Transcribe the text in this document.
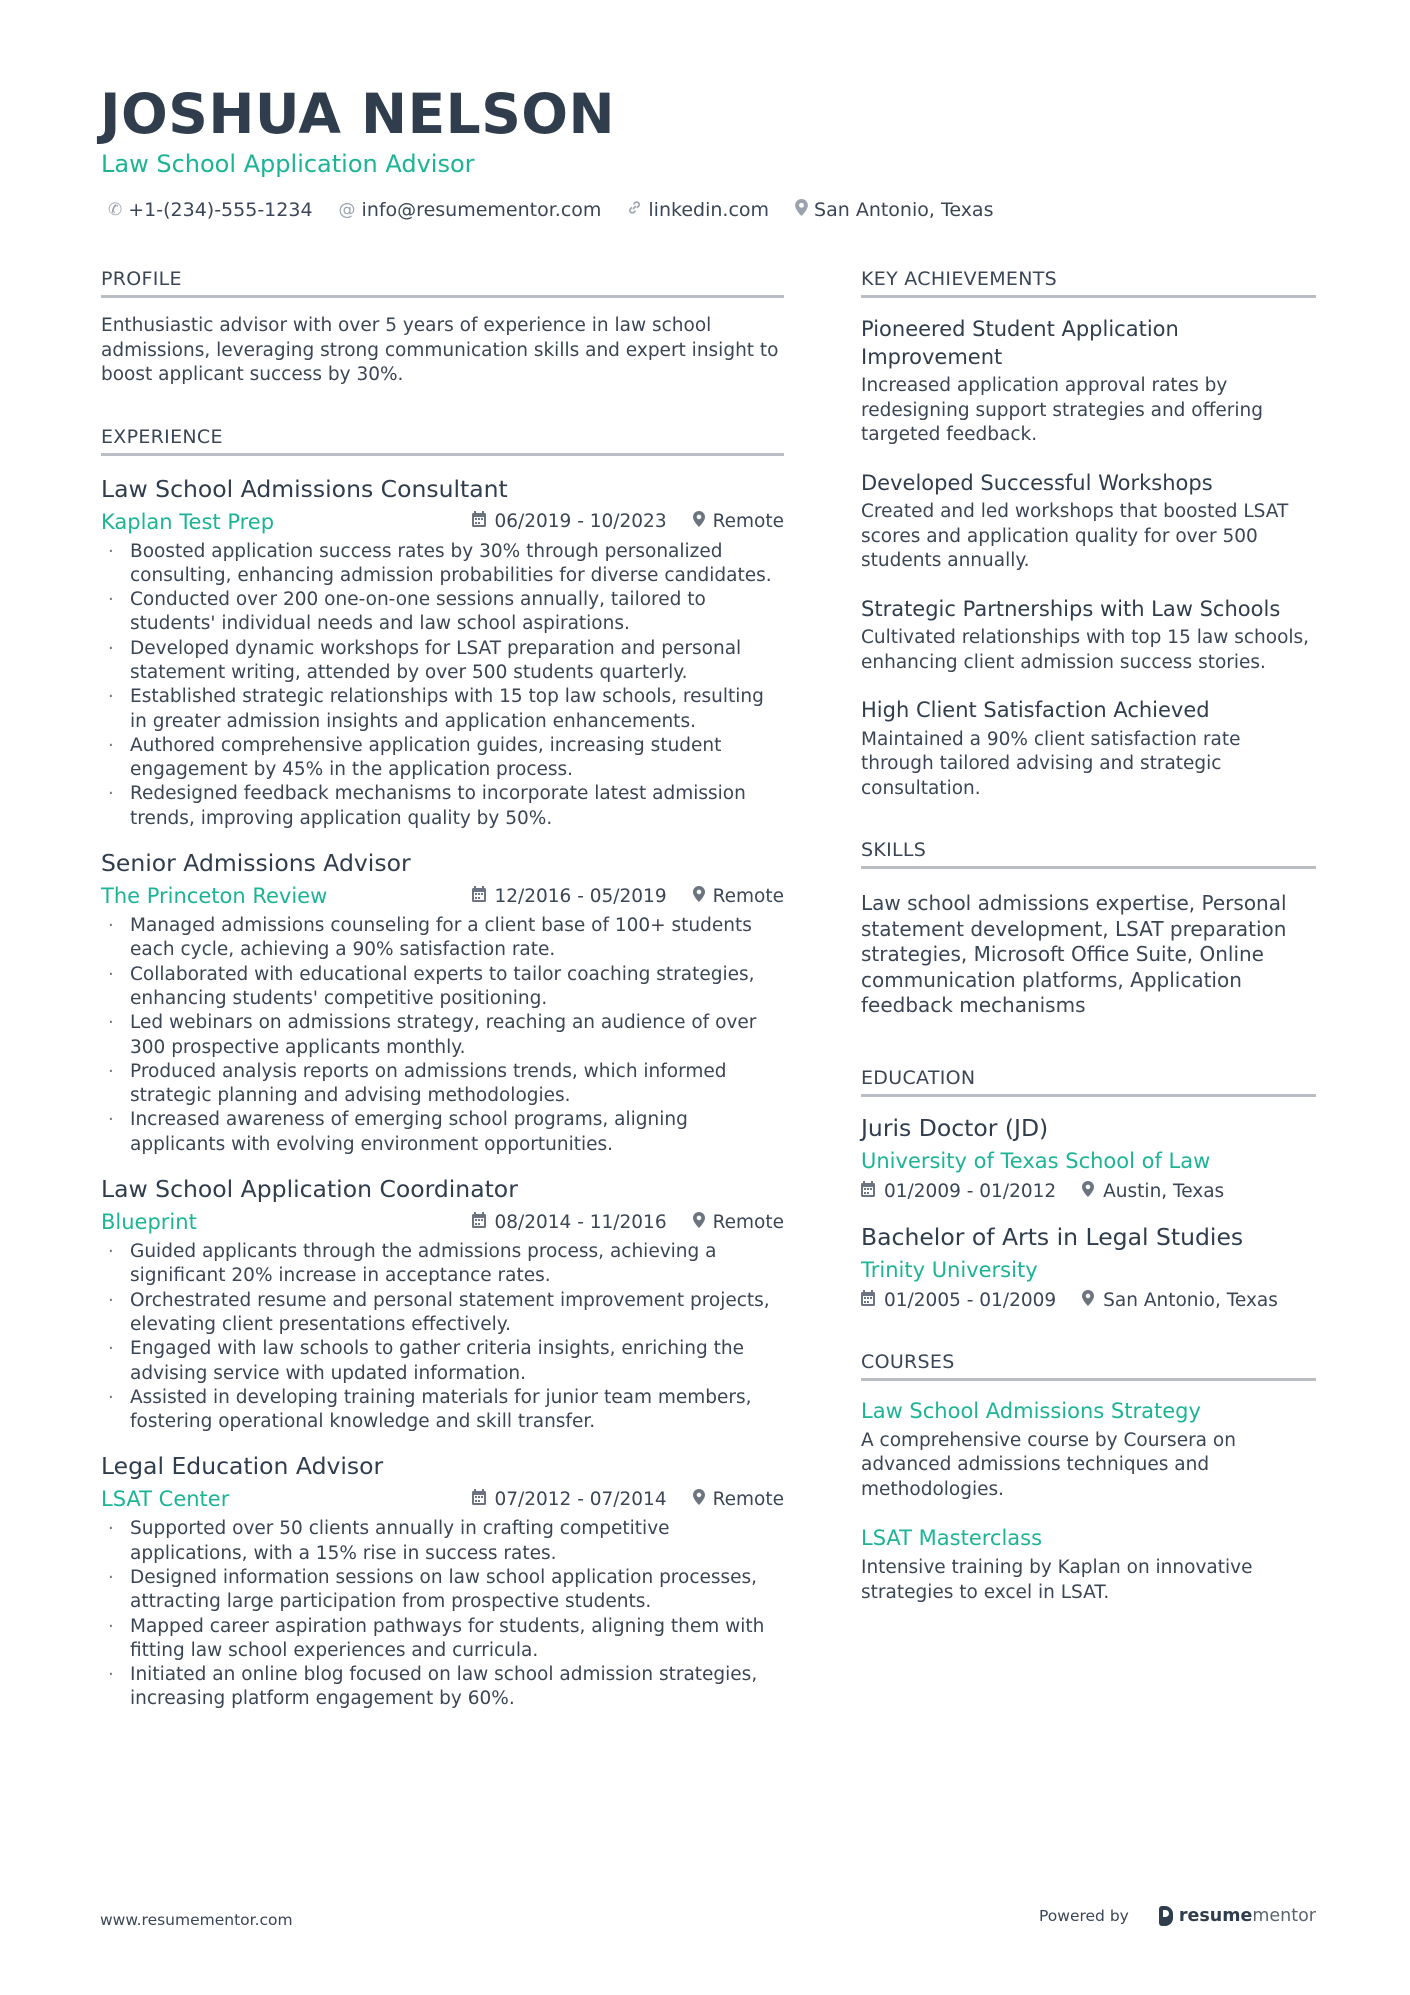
JOSHUA NELSON
Law School Application Advisor
✆ +1-(234)-555-1234 @ info@resumementor.com linkedin.com San Antonio, Texas
PROFILE
Enthusiastic advisor with over 5 years of experience in law school admissions, leveraging strong communication skills and expert insight to boost applicant success by 30%.
EXPERIENCE
Law School Admissions Consultant
Kaplan Test Prep	06/2019 - 10/2023 Remote
· Boosted application success rates by 30% through personalized consulting, enhancing admission probabilities for diverse candidates.
· Conducted over 200 one-on-one sessions annually, tailored to students' individual needs and law school aspirations.
· Developed dynamic workshops for LSAT preparation and personal statement writing, attended by over 500 students quarterly.
· Established strategic relationships with 15 top law schools, resulting in greater admission insights and application enhancements.
· Authored comprehensive application guides, increasing student engagement by 45% in the application process.
· Redesigned feedback mechanisms to incorporate latest admission trends, improving application quality by 50%.
Senior Admissions Advisor
The Princeton Review	12/2016 - 05/2019 Remote
· Managed admissions counseling for a client base of 100+ students each cycle, achieving a 90% satisfaction rate.
· Collaborated with educational experts to tailor coaching strategies, enhancing students' competitive positioning.
· Led webinars on admissions strategy, reaching an audience of over 300 prospective applicants monthly.
· Produced analysis reports on admissions trends, which informed strategic planning and advising methodologies.
· Increased awareness of emerging school programs, aligning applicants with evolving environment opportunities.
Law School Application Coordinator
Blueprint	08/2014 - 11/2016 Remote
· Guided applicants through the admissions process, achieving a significant 20% increase in acceptance rates.
· Orchestrated resume and personal statement improvement projects, elevating client presentations effectively.
· Engaged with law schools to gather criteria insights, enriching the advising service with updated information.
· Assisted in developing training materials for junior team members, fostering operational knowledge and skill transfer.
Legal Education Advisor
LSAT Center	07/2012 - 07/2014 Remote
· Supported over 50 clients annually in crafting competitive applications, with a 15% rise in success rates.
· Designed information sessions on law school application processes, attracting large participation from prospective students.
· Mapped career aspiration pathways for students, aligning them with fitting law school experiences and curricula.
· Initiated an online blog focused on law school admission strategies, increasing platform engagement by 60%.
KEY ACHIEVEMENTS
Pioneered Student Application Improvement
Increased application approval rates by redesigning support strategies and offering targeted feedback.
Developed Successful Workshops
Created and led workshops that boosted LSAT scores and application quality for over 500 students annually.
Strategic Partnerships with Law Schools
Cultivated relationships with top 15 law schools, enhancing client admission success stories.
High Client Satisfaction Achieved
Maintained a 90% client satisfaction rate through tailored advising and strategic consultation.
SKILLS
Law school admissions expertise, Personal statement development, LSAT preparation strategies, Microsoft Office Suite, Online communication platforms, Application feedback mechanisms
EDUCATION
Juris Doctor (JD)
University of Texas School of Law
01/2009 - 01/2012	Austin, Texas
Bachelor of Arts in Legal Studies
Trinity University
01/2005 - 01/2009	San Antonio, Texas
COURSES
Law School Admissions Strategy
A comprehensive course by Coursera on advanced admissions techniques and methodologies.
LSAT Masterclass
Intensive training by Kaplan on innovative strategies to excel in LSAT.
www.resumementor.com	Powered by	resume mentor
